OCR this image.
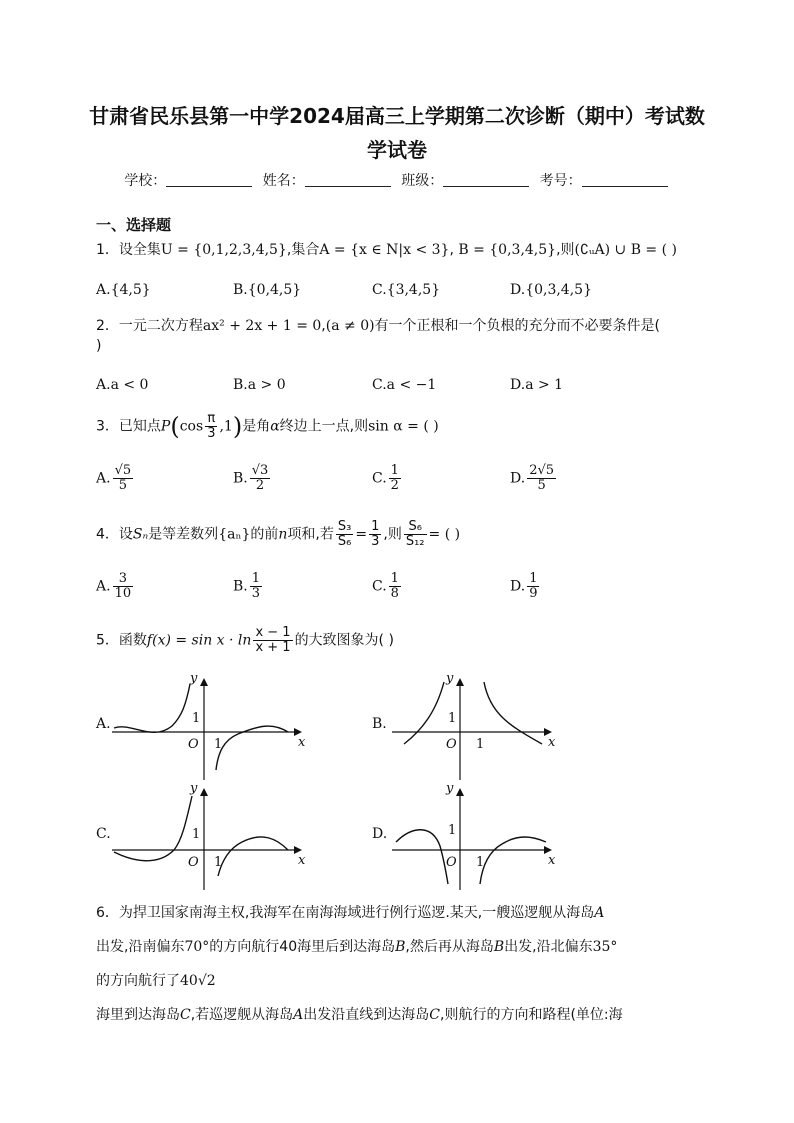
甘肃省民乐县第一中学2024届高三上学期第二次诊断（期中）考试数
学试卷
学校：	姓名：	班级：	考号：
一、选择题
1．设全集U = {0,1,2,3,4,5},集合A = {x ∈ N|x < 3}, B = {0,3,4,5},则(∁ᵤA) ∪ B = ( )
A.{4,5}	B.{0,4,5}	C.{3,4,5}	D.{0,3,4,5}
2．一元二次方程ax² + 2x + 1 = 0,(a ≠ 0)有一个正根和一个负根的充分而不必要条件是(
)
A.a < 0	B.a > 0	C.a < −1	D.a > 1
3．已知点$P(\cos \frac{\pi}{3} ,1)$是角α终边上一点,则sin α = ( )
A. $\frac{√5}{5}$	B. $\frac{√3}{2}$	C. $\frac{1}{2}$	D. $\frac{2√5}{5}$
4．设Sₙ是等差数列{aₙ}的前n项和,若 $\frac{\text{S₃}}{\text{S₆}} = \frac{1}{3}$ ,则 $\frac{\text{S₆}}{\text{S₁₂}}$ = ( )
A. $\frac{3}{10}$	B. $\frac{1}{3}$	C. $\frac{1}{8}$	D. $\frac{1}{9}$
5．函数$f(x) = \sin x \cdot \ln \frac{x - 1}{x + 1}$ 的大致图象为( )
A.	B.
C.	D.
y
x
O 1
1
y
x
O 1
1
y
x
O 1
1
y
x
O 1
1
6．为捍卫国家南海主权,我海军在南海海域进行例行巡逻.某天,一艘巡逻舰从海岛A
出发,沿南偏东70°的方向航行40海里后到达海岛B,然后再从海岛B出发,沿北偏东35°
的方向航行了40√2
海里到达海岛C,若巡逻舰从海岛A出发沿直线到达海岛C,则航行的方向和路程(单位:海
